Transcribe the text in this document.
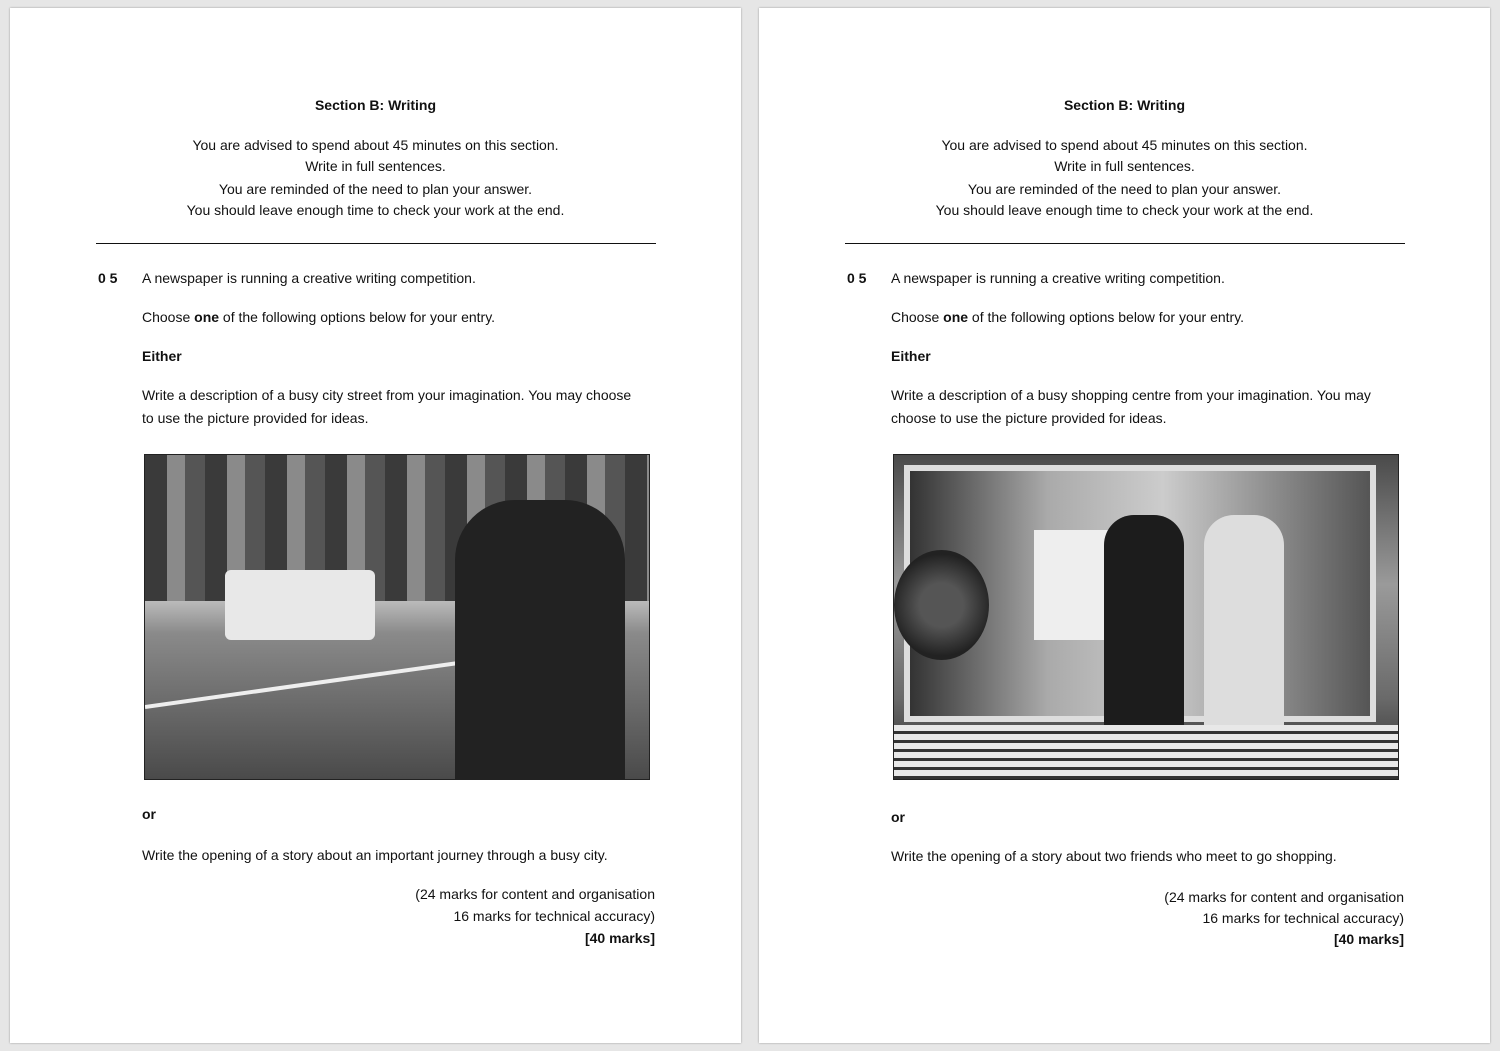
Section B: Writing
You are advised to spend about 45 minutes on this section.
Write in full sentences.
You are reminded of the need to plan your answer.
You should leave enough time to check your work at the end.
0 5 A newspaper is running a creative writing competition.
Choose one of the following options below for your entry.
Either
Write a description of a busy city street from your imagination. You may choose
to use the picture provided for ideas.
or
Write the opening of a story about an important journey through a busy city.
(24 marks for content and organisation
16 marks for technical accuracy)
[40 marks]
Section B: Writing
You are advised to spend about 45 minutes on this section.
Write in full sentences.
You are reminded of the need to plan your answer.
You should leave enough time to check your work at the end.
0 5 A newspaper is running a creative writing competition.
Choose one of the following options below for your entry.
Either
Write a description of a busy shopping centre from your imagination. You may
choose to use the picture provided for ideas.
or
Write the opening of a story about two friends who meet to go shopping.
(24 marks for content and organisation
16 marks for technical accuracy)
[40 marks]
